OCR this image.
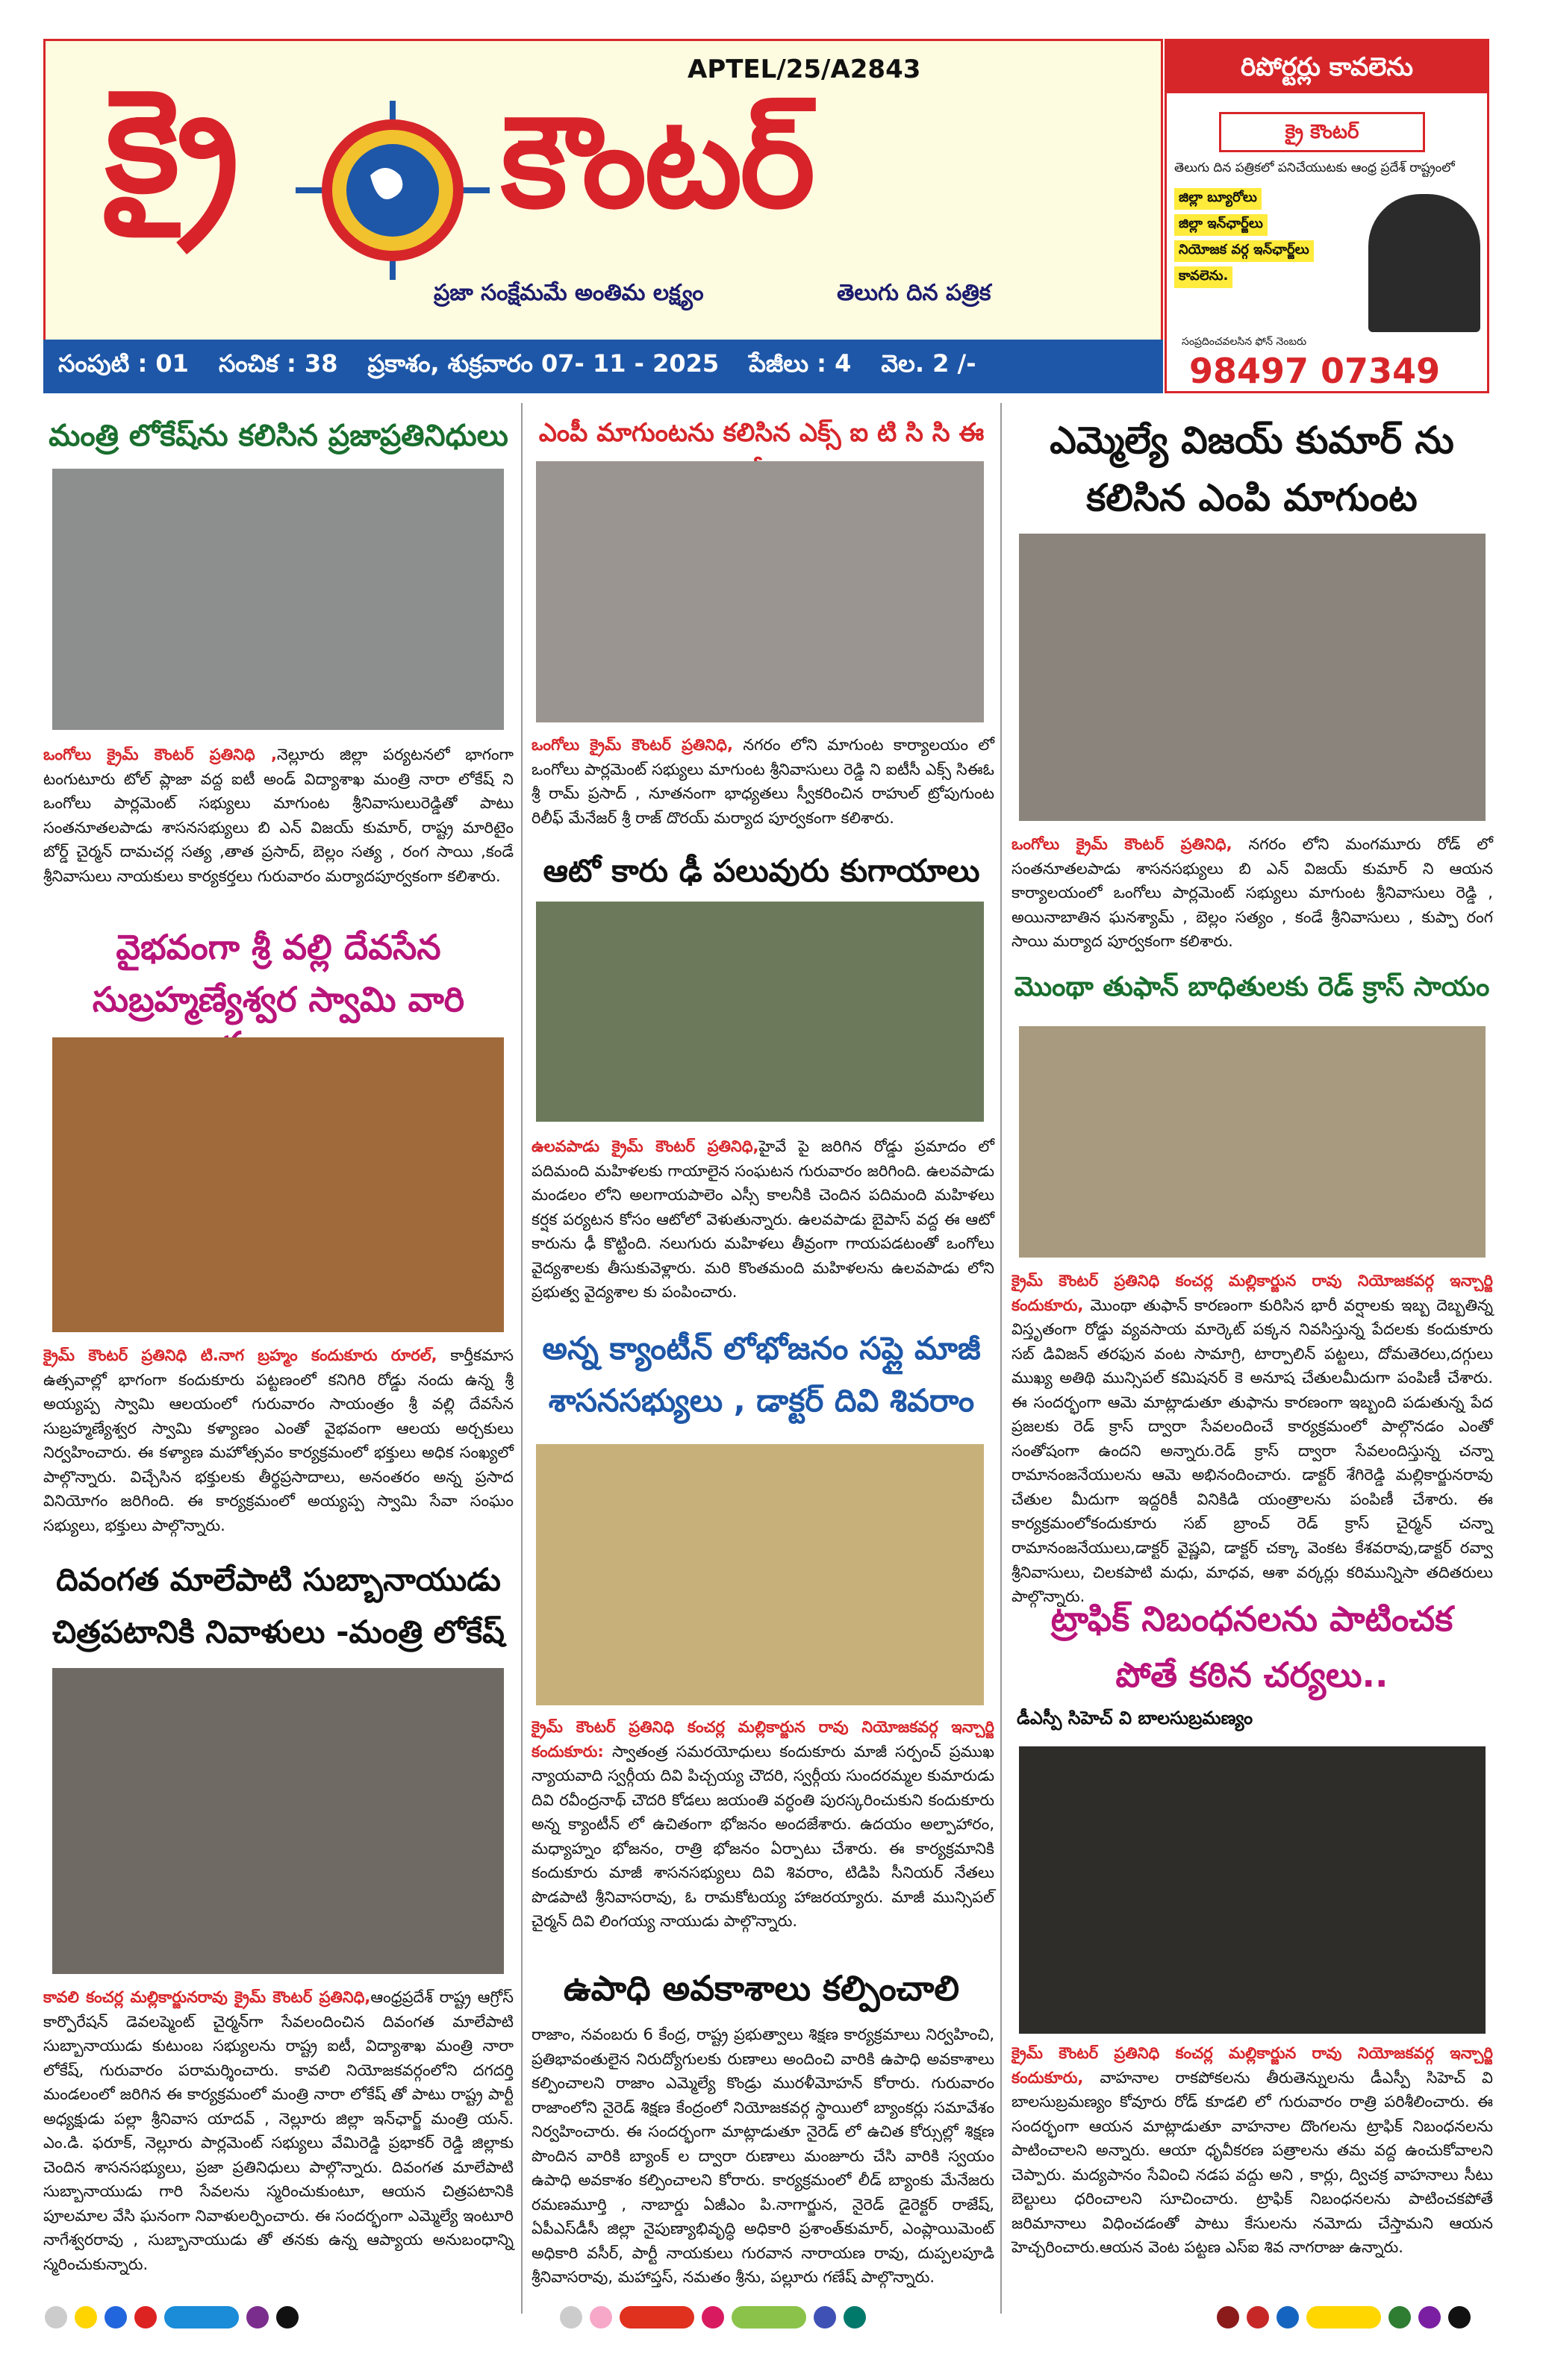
APTEL/25/A2843
క్రై కౌంటర్
ప్రజా సంక్షేమమే అంతిమ లక్ష్యం	తెలుగు దిన పత్రిక
సంపుటి : 01 సంచిక : 38 ప్రకాశం, శుక్రవారం 07- 11 - 2025 పేజీలు : 4 వెల. 2 /-
రిపోర్టర్లు కావలెను
క్రై కౌంటర్
తెలుగు దిన పత్రికలో పనిచేయుటకు ఆంధ్ర ప్రదేశ్ రాష్ట్రంలో
జిల్లా బ్యూరోలు
జిల్లా ఇన్‌ఛార్జ్‌లు
నియోజక వర్గ ఇన్‌ఛార్జ్‌లు
కావలెను.
సంప్రదించవలసిన ఫోన్ నెంబరు
98497 07349
మంత్రి లోకేష్‌ను కలిసిన ప్రజాప్రతినిధులు
ఒంగోలు క్రైమ్ కౌంటర్ ప్రతినిధి ,నెల్లూరు జిల్లా పర్యటనలో భాగంగా టంగుటూరు టోల్ ప్లాజా వద్ద ఐటీ అండ్ విద్యాశాఖ మంత్రి నారా లోకేష్ ని ఒంగోలు పార్లమెంట్ సభ్యులు మాగుంట శ్రీనివాసులురెడ్డితో పాటు సంతనూతలపాడు శాసనసభ్యులు బి ఎన్ విజయ్ కుమార్, రాష్ట్ర మారిటైం బోర్డ్ చైర్మన్ దామచర్ల సత్య ,తాత ప్రసాద్, బెల్లం సత్య , రంగ సాయి ,కండే శ్రీనివాసులు నాయకులు కార్యకర్తలు గురువారం మర్యాదపూర్వకంగా కలిశారు.
వైభవంగా శ్రీ వల్లి దేవసేన
సుబ్రహ్మణ్యేశ్వర స్వామి వారి
క్రైమ్ కౌంటర్ ప్రతినిధి టి.నాగ బ్రహ్మం కందుకూరు రూరల్, కార్తీకమాస ఉత్సవాల్లో భాగంగా కందుకూరు పట్టణంలో కనిగిరి రోడ్డు నందు ఉన్న శ్రీ అయ్యప్ప స్వామి ఆలయంలో గురువారం సాయంత్రం శ్రీ వల్లి దేవసేన సుబ్రహ్మణ్యేశ్వర స్వామి కళ్యాణం ఎంతో వైభవంగా ఆలయ అర్చకులు నిర్వహించారు. ఈ కళ్యాణ మహోత్సవం కార్యక్రమంలో భక్తులు అధిక సంఖ్యలో పాల్గొన్నారు. విచ్చేసిన భక్తులకు తీర్థప్రసాదాలు, అనంతరం అన్న ప్రసాద వినియోగం జరిగింది. ఈ కార్యక్రమంలో అయ్యప్ప స్వామి సేవా సంఘం సభ్యులు, భక్తులు పాల్గొన్నారు.
దివంగత మాలేపాటి సుబ్బానాయుడు
చిత్రపటానికి నివాళులు -మంత్రి లోకేష్
కావలి కంచర్ల మల్లికార్జునరావు క్రైమ్ కౌంటర్ ప్రతినిధి,ఆంధ్రప్రదేశ్ రాష్ట్ర ఆగ్రోస్ కార్పొరేషన్ డెవలప్మెంట్ చైర్మన్‌గా సేవలందించిన దివంగత మాలేపాటి సుబ్బానాయుడు కుటుంబ సభ్యులను రాష్ట్ర ఐటీ, విద్యాశాఖ మంత్రి నారా లోకేష్, గురువారం పరామర్శించారు. కావలి నియోజకవర్గంలోని దగదర్తి మండలంలో జరిగిన ఈ కార్యక్రమంలో మంత్రి నారా లోకేష్ తో పాటు రాష్ట్ర పార్టీ అధ్యక్షుడు పల్లా శ్రీనివాస యాదవ్ , నెల్లూరు జిల్లా ఇన్‌ఛార్జ్ మంత్రి యన్. ఎం.డి. ఫరూక్, నెల్లూరు పార్లమెంట్ సభ్యులు వేమిరెడ్డి ప్రభాకర్ రెడ్డి జిల్లాకు చెందిన శాసనసభ్యులు, ప్రజా ప్రతినిధులు పాల్గొన్నారు. దివంగత మాలేపాటి సుబ్బానాయుడు గారి సేవలను స్మరించుకుంటూ, ఆయన చిత్రపటానికి పూలమాల వేసి ఘనంగా నివాళులర్పించారు. ఈ సందర్భంగా ఎమ్మెల్యే ఇంటూరి నాగేశ్వరరావు , సుబ్బానాయుడు తో తనకు ఉన్న ఆప్యాయ అనుబంధాన్ని స్మరించుకున్నారు.
ఎంపీ మాగుంటను కలిసిన ఎక్స్ ఐ టి సి సి ఈ
ఒంగోలు క్రైమ్ కౌంటర్ ప్రతినిధి, నగరం లోని మాగుంట కార్యాలయం లో ఒంగోలు పార్లమెంట్ సభ్యులు మాగుంట శ్రీనివాసులు రెడ్డి ని ఐటీసీ ఎక్స్ సిఈఓ శ్రీ రామ్ ప్రసాద్ , నూతనంగా భాధ్యతలు స్వీకరించిన రాహుల్ ట్రోపుగుంట రిలీఫ్ మేనేజర్ శ్రీ రాజ్ దొరయ్ మర్యాద పూర్వకంగా కలిశారు.
ఆటో కారు ఢీ పలువురు కుగాయాలు
ఉలవపాడు క్రైమ్ కౌంటర్ ప్రతినిధి,హైవే పై జరిగిన రోడ్డు ప్రమాదం లో పదిమంది మహిళలకు గాయాలైన సంఘటన గురువారం జరిగింది. ఉలవపాడు మండలం లోని అలగాయపాలెం ఎస్సీ కాలనీకి చెందిన పదిమంది మహిళలు కర్షక పర్యటన కోసం ఆటోలో వెళుతున్నారు. ఉలవపాడు బైపాస్ వద్ద ఈ ఆటో కారును ఢీ కొట్టింది. నలుగురు మహిళలు తీవ్రంగా గాయపడటంతో ఒంగోలు వైద్యశాలకు తీసుకువెళ్లారు. మరి కొంతమంది మహిళలను ఉలవపాడు లోని ప్రభుత్వ వైద్యశాల కు పంపించారు.
అన్న క్యాంటీన్ లోభోజనం సప్లై మాజీ
శాసనసభ్యులు , డాక్టర్ దివి శివరాం
క్రైమ్ కౌంటర్ ప్రతినిధి కంచర్ల మల్లికార్జున రావు నియోజకవర్గ ఇన్చార్జి కందుకూరు: స్వాతంత్ర సమరయోధులు కందుకూరు మాజీ సర్పంచ్ ప్రముఖ న్యాయవాది స్వర్గీయ దివి పిచ్చయ్య చౌదరి, స్వర్గీయ సుందరమ్మల కుమారుడు దివి రవీంద్రనాథ్ చౌదరి కోడలు జయంతి వర్ధంతి పురస్కరించుకుని కందుకూరు అన్న క్యాంటీన్ లో ఉచితంగా భోజనం అందజేశారు. ఉదయం అల్పాహారం, మధ్యాహ్నం భోజనం, రాత్రి భోజనం ఏర్పాటు చేశారు. ఈ కార్యక్రమానికి కందుకూరు మాజీ శాసనసభ్యులు దివి శివరాం, టిడిపి సీనియర్ నేతలు పొడపాటి శ్రీనివాసరావు, ఓ రామకోటయ్య హాజరయ్యారు. మాజీ మున్సిపల్ చైర్మన్ దివి లింగయ్య నాయుడు పాల్గొన్నారు.
ఉపాధి అవకాశాలు కల్పించాలి
రాజాం, నవంబరు 6 కేంద్ర, రాష్ట్ర ప్రభుత్వాలు శిక్షణ కార్యక్రమాలు నిర్వహించి, ప్రతిభావంతులైన నిరుద్యోగులకు రుణాలు అందించి వారికి ఉపాధి అవకాశాలు కల్పించాలని రాజాం ఎమ్మెల్యే కొండ్రు మురళీమోహన్ కోరారు. గురువారం రాజాంలోని నైరెడ్ శిక్షణ కేంద్రంలో నియోజకవర్గ స్థాయిలో బ్యాంకర్లు సమావేశం నిర్వహించారు. ఈ సందర్భంగా మాట్లాడుతూ నైరెడ్ లో ఉచిత కోర్సుల్లో శిక్షణ పొందిన వారికి బ్యాంక్ ల ద్వారా రుణాలు మంజూరు చేసి వారికి స్వయం ఉపాధి అవకాశం కల్పించాలని కోరారు. కార్యక్రమంలో లీడ్ బ్యాంకు మేనేజరు రమణమూర్తి , నాబార్డు ఏజీఎం పి.నాగార్జున, నైరెడ్ డైరెక్టర్ రాజేష్, ఏపీఎస్‌డీసీ జిల్లా నైపుణ్యాభివృద్ధి అధికారి ప్రశాంత్‌కుమార్, ఎంప్లాయిమెంట్ అధికారి వసీర్, పార్టీ నాయకులు గురవాన నారాయణ రావు, దుప్పలపూడి శ్రీనివాసరావు, మహాప్తస్, నమతం శ్రీను, పల్లూరు గణేష్ పాల్గొన్నారు.
ఎమ్మెల్యే విజయ్ కుమార్ ను
కలిసిన ఎంపి మాగుంట
ఒంగోలు క్రైమ్ కౌంటర్ ప్రతినిధి, నగరం లోని మంగమూరు రోడ్ లో సంతనూతలపాడు శాసనసభ్యులు బి ఎన్ విజయ్ కుమార్ ని ఆయన కార్యాలయంలో ఒంగోలు పార్లమెంట్ సభ్యులు మాగుంట శ్రీనివాసులు రెడ్డి , అయినాబాతిన ఘనశ్యామ్ , బెల్లం సత్యం , కండే శ్రీనివాసులు , కుప్పా రంగ సాయి మర్యాద పూర్వకంగా కలిశారు.
మొంథా తుఫాన్ బాధితులకు రెడ్ క్రాస్ సాయం
క్రైమ్ కౌంటర్ ప్రతినిధి కంచర్ల మల్లికార్జున రావు నియోజకవర్గ ఇన్చార్జి కందుకూరు, మొంథా తుఫాన్ కారణంగా కురిసిన భారీ వర్షాలకు ఇబ్బ దెబ్బతిన్న విస్తృతంగా రోడ్డు వ్యవసాయ మార్కెట్ పక్కన నివసిస్తున్న పేదలకు కందుకూరు సబ్ డివిజన్ తరఫున వంట సామాగ్రి, టార్పాలిన్ పట్టలు, దోమతెరలు,దగ్గులు ముఖ్య అతిథి మున్సిపల్ కమిషనర్ కె అనూష చేతులమీదుగా పంపిణీ చేశారు. ఈ సందర్భంగా ఆమె మాట్లాడుతూ తుఫాను కారణంగా ఇబ్బంది పడుతున్న పేద ప్రజలకు రెడ్ క్రాస్ ద్వారా సేవలందించే కార్యక్రమంలో పాల్గొనడం ఎంతో సంతోషంగా ఉందని అన్నారు.రెడ్ క్రాస్ ద్వారా సేవలందిస్తున్న చన్నా రామానంజనేయులను ఆమె అభినందించారు. డాక్టర్ శేగిరెడ్డి మల్లికార్జునరావు చేతుల మీదుగా ఇద్దరికీ వినికిడి యంత్రాలను పంపిణీ చేశారు. ఈ కార్యక్రమంలోకందుకూరు సబ్ బ్రాంచ్ రెడ్ క్రాస్ చైర్మన్ చన్నా రామానంజనేయులు,డాక్టర్ వైష్ణవి, డాక్టర్ చక్కా వెంకట కేశవరావు,డాక్టర్ రవ్వా శ్రీనివాసులు, చిలకపాటి మధు, మాధవ, ఆశా వర్కర్లు కరిమున్నిసా తదితరులు పాల్గొన్నారు.
ట్రాఫిక్ నిబంధనలను పాటించక
పోతే కఠిన చర్యలు..
డీఎస్పీ సిహెచ్ వి బాలసుబ్రమణ్యం
క్రైమ్ కౌంటర్ ప్రతినిధి కంచర్ల మల్లికార్జున రావు నియోజకవర్గ ఇన్చార్జి కందుకూరు, వాహనాల రాకపోకలను తీరుతెన్నులను డీఎస్పీ సిహెచ్ వి బాలసుబ్రమణ్యం కోవూరు రోడ్ కూడలి లో గురువారం రాత్రి పరిశీలించారు. ఈ సందర్భంగా ఆయన మాట్లాడుతూ వాహనాల దొంగలను ట్రాఫిక్ నిబంధనలను పాటించాలని అన్నారు. ఆయా ధృవీకరణ పత్రాలను తమ వద్ద ఉంచుకోవాలని చెప్పారు. మద్యపానం సేవించి నడప వద్దు అని , కార్లు, ద్విచక్ర వాహనాలు సీటు బెల్టులు ధరించాలని సూచించారు. ట్రాఫిక్ నిబంధనలను పాటించకపోతే జరిమానాలు విధించడంతో పాటు కేసులను నమోదు చేస్తామని ఆయన హెచ్చరించారు.ఆయన వెంట పట్టణ ఎస్ఐ శివ నాగరాజు ఉన్నారు.
